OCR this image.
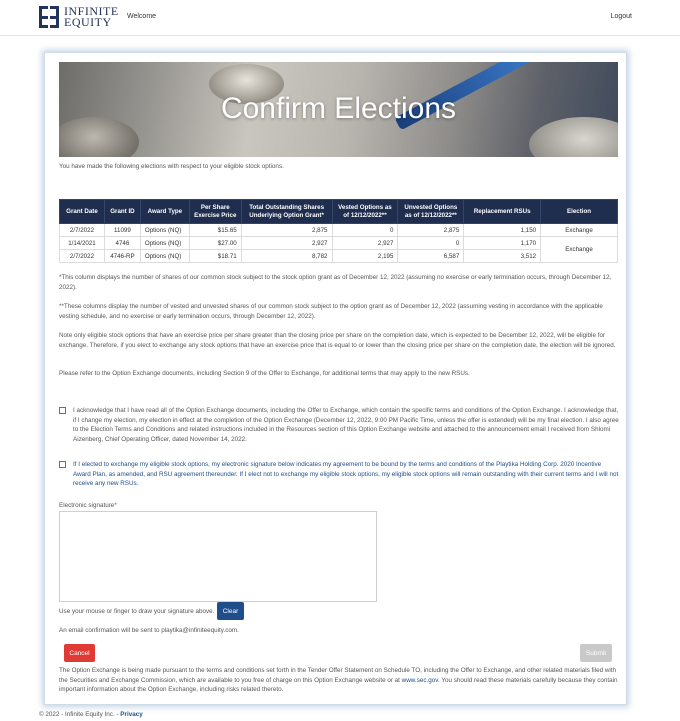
INFINITE
EQUITY	Welcome	Logout
Confirm Elections
You have made the following elections with respect to your eligible stock options.
Grant Date	Grant ID	Award Type	Per Share Exercise Price	Total Outstanding Shares Underlying Option Grant*	Vested Options as of 12/12/2022**	Unvested Options as of 12/12/2022**	Replacement RSUs	Election
2/7/2022	11099	Options (NQ)	$15.65	2,875	0	2,875	1,150	Exchange
1/14/2021	4746	Options (NQ)	$27.00	2,927	2,927	0	1,170	Exchange
2/7/2022	4746-RP	Options (NQ)	$18.71	8,782	2,195	6,587	3,512	
*This column displays the number of shares of our common stock subject to the stock option grant as of December 12, 2022 (assuming no exercise or early termination occurs, through December 12, 2022).
**These columns display the number of vested and unvested shares of our common stock subject to the option grant as of December 12, 2022 (assuming vesting in accordance with the applicable vesting schedule, and no exercise or early termination occurs, through December 12, 2022).
Note only eligible stock options that have an exercise price per share greater than the closing price per share on the completion date, which is expected to be December 12, 2022, will be eligible for exchange. Therefore, if you elect to exchange any stock options that have an exercise price that is equal to or lower than the closing price per share on the completion date, the election will be ignored.
Please refer to the Option Exchange documents, including Section 9 of the Offer to Exchange, for additional terms that may apply to the new RSUs.
I acknowledge that I have read all of the Option Exchange documents, including the Offer to Exchange, which contain the specific terms and conditions of the Option Exchange. I acknowledge that, if I change my election, my election in effect at the completion of the Option Exchange (December 12, 2022, 9:00 PM Pacific Time, unless the offer is extended) will be my final election. I also agree to the Election Terms and Conditions and related instructions included in the Resources section of this Option Exchange website and attached to the announcement email I received from Shlomi Aizenberg, Chief Operating Officer, dated November 14, 2022.
If I elected to exchange my eligible stock options, my electronic signature below indicates my agreement to be bound by the terms and conditions of the Playtika Holding Corp. 2020 Incentive Award Plan, as amended, and RSU agreement thereunder. If I elect not to exchange my eligible stock options, my eligible stock options will remain outstanding with their current terms and I will not receive any new RSUs.
Electronic signature*
Use your mouse or finger to draw your signature above.	Clear
An email confirmation will be sent to playtika@infiniteequity.com.
Cancel	Submit
The Option Exchange is being made pursuant to the terms and conditions set forth in the Tender Offer Statement on Schedule TO, including the Offer to Exchange, and other related materials filed with the Securities and Exchange Commission, which are available to you free of charge on this Option Exchange website or at www.sec.gov. You should read these materials carefully because they contain important information about the Option Exchange, including risks related thereto.
© 2022 - Infinite Equity Inc. - Privacy
